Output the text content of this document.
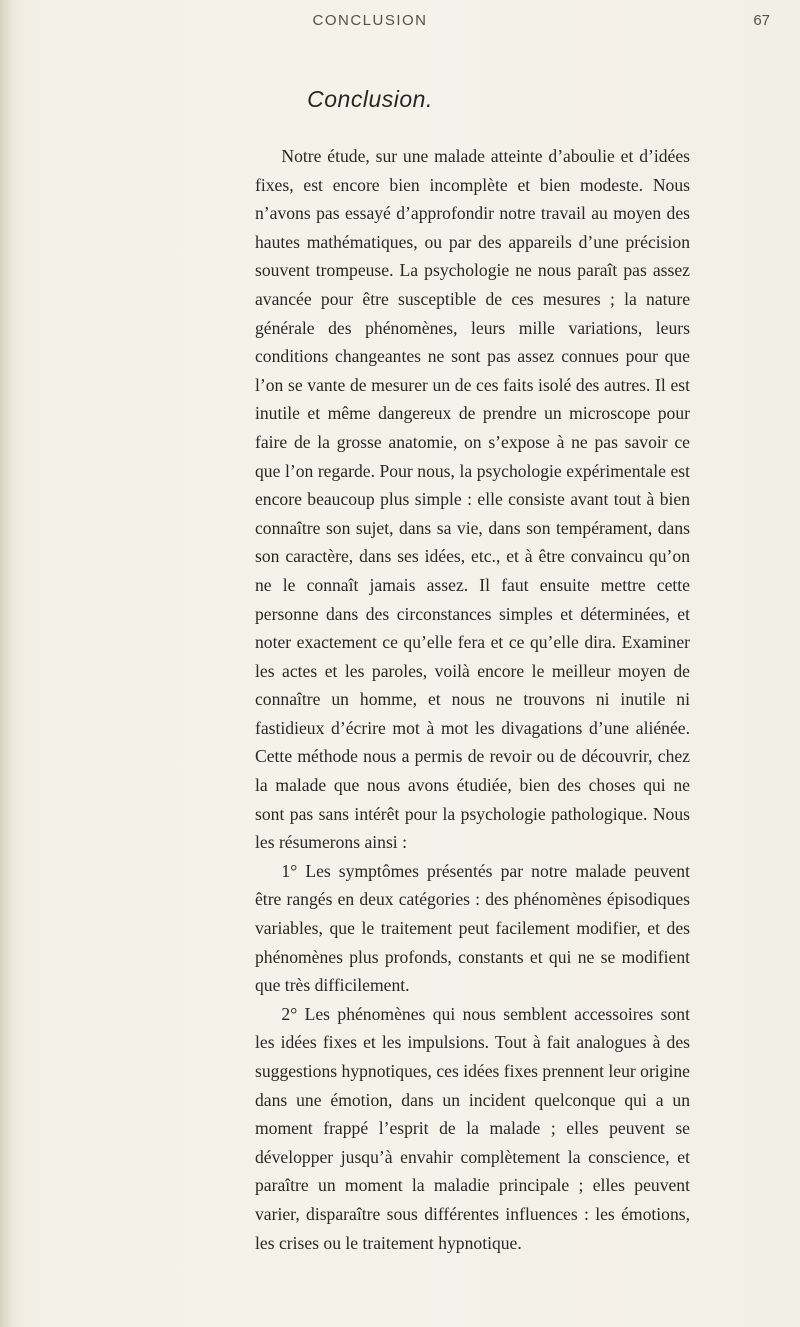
CONCLUSION	67
Conclusion.

Notre étude, sur une malade atteinte d’aboulie et d’idées fixes, est encore bien incomplète et bien modeste. Nous n’avons pas essayé d’approfondir notre travail au moyen des hautes mathématiques, ou par des appareils d’une précision souvent trompeuse. La psychologie ne nous paraît pas assez avancée pour être susceptible de ces mesures ; la nature générale des phénomènes, leurs mille variations, leurs conditions changeantes ne sont pas assez connues pour que l’on se vante de mesurer un de ces faits isolé des autres. Il est inutile et même dangereux de prendre un microscope pour faire de la grosse anatomie, on s’expose à ne pas savoir ce que l’on regarde. Pour nous, la psychologie expérimentale est encore beaucoup plus simple : elle consiste avant tout à bien connaître son sujet, dans sa vie, dans son tempérament, dans son caractère, dans ses idées, etc., et à être convaincu qu’on ne le connaît jamais assez. Il faut ensuite mettre cette personne dans des circonstances simples et déterminées, et noter exactement ce qu’elle fera et ce qu’elle dira. Examiner les actes et les paroles, voilà encore le meilleur moyen de connaître un homme, et nous ne trouvons ni inutile ni fastidieux d’écrire mot à mot les divagations d’une aliénée. Cette méthode nous a permis de revoir ou de découvrir, chez la malade que nous avons étudiée, bien des choses qui ne sont pas sans intérêt pour la psychologie pathologique. Nous les résumerons ainsi :

1° Les symptômes présentés par notre malade peuvent être rangés en deux catégories : des phénomènes épisodiques variables, que le traitement peut facilement modifier, et des phénomènes plus profonds, constants et qui ne se modifient que très difficilement.

2° Les phénomènes qui nous semblent accessoires sont les idées fixes et les impulsions. Tout à fait analogues à des suggestions hypnotiques, ces idées fixes prennent leur origine dans une émotion, dans un incident quelconque qui a un moment frappé l’esprit de la malade ; elles peuvent se développer jusqu’à envahir complètement la conscience, et paraître un moment la maladie principale ; elles peuvent varier, disparaître sous différentes influences : les émotions, les crises ou le traitement hypnotique.
